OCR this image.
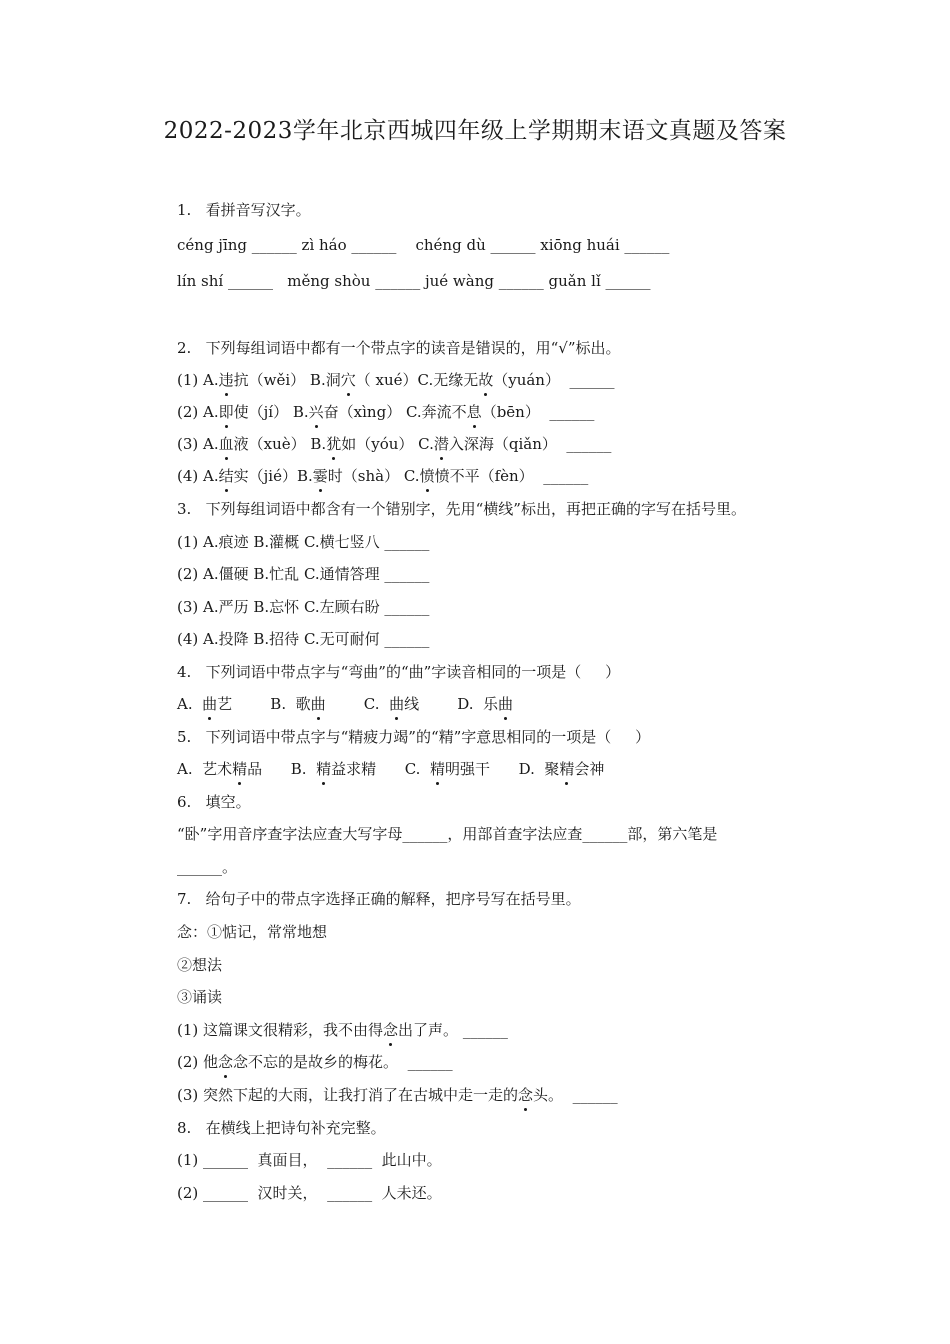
2022-2023学年北京西城四年级上学期期末语文真题及答案
1.   看拼音写汉字。
céng jīng ______ zì háo ______    chéng dù ______ xiōng huái ______
lín shí ______   měng shòu ______ jué wàng ______ guǎn lǐ ______
2.   下列每组词语中都有一个带点字的读音是错误的，用“√”标出。
(1) A.违抗（wěi） B.洞穴（ xué）C.无缘无故（yuán）  ______
(2) A.即使（jí） B.兴奋（xìng） C.奔流不息（bēn）  ______
(3) A.血液（xuè） B.犹如（yóu） C.潜入深海（qiǎn）  ______
(4) A.结实（jié）B.霎时（shà） C.愤愤不平（fèn）  ______
3.   下列每组词语中都含有一个错别字，先用“横线”标出，再把正确的字写在括号里。
(1) A.痕迹 B.灌概 C.横七竖八 ______
(2) A.僵硬 B.忙乱 C.通情答理 ______
(3) A.严历 B.忘怀 C.左顾右盼 ______
(4) A.投降 B.招待 C.无可耐何 ______
4.   下列词语中带点字与“弯曲”的“曲”字读音相同的一项是（     ）
A.  曲艺        B.  歌曲        C.  曲线        D.  乐曲
5.   下列词语中带点字与“精疲力竭”的“精”字意思相同的一项是（     ）
A.  艺术精品      B.  精益求精      C.  精明强干      D.  聚精会神
6.   填空。
“卧”字用音序查字法应查大写字母______，用部首查字法应查______部，第六笔是
______。
7.   给句子中的带点字选择正确的解释，把序号写在括号里。
念：①惦记，常常地想
②想法
③诵读
(1) 这篇课文很精彩，我不由得念出了声。 ______
(2) 他念念不忘的是故乡的梅花。  ______
(3) 突然下起的大雨，让我打消了在古城中走一走的念头。  ______
8.   在横线上把诗句补充完整。
(1) ______  真面目，  ______  此山中。
(2) ______  汉时关，  ______  人未还。
